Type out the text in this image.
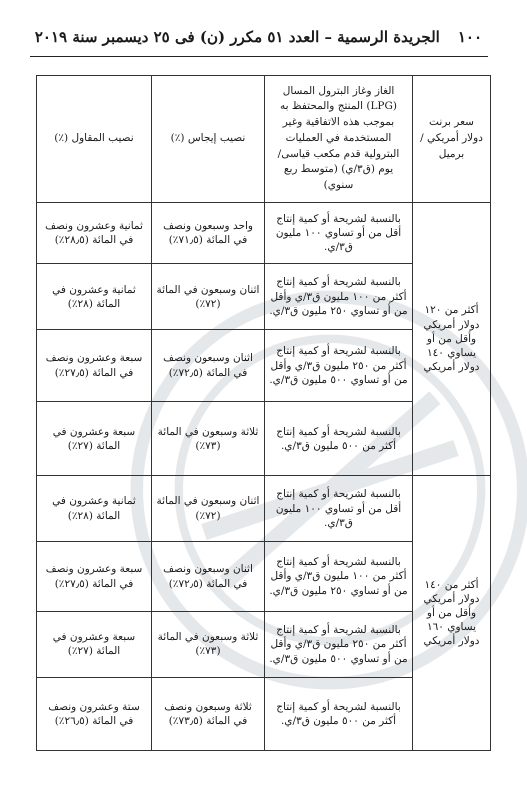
١٠٠
الجريدة الرسمية – العدد ٥١ مكرر (ن) فى ٢٥ ديسمبر سنة ٢٠١٩
سعر برنت دولار أمريكي / برميل	الغاز وغاز البترول المسال (LPG) المنتج والمحتفظ به بموجب هذه الاتفاقية وغير المستخدمة في العمليات البترولية قدم مكعب قياسى/ يوم (ق٣/ي) (متوسط ربع سنوي)	نصيب إيجاس (٪)	نصيب المقاول (٪)
أكثر من ١٢٠ دولار أمريكي وأقل من أو يساوي ١٤٠ دولار أمريكي	بالنسبة لشريحة أو كمية إنتاج أقل من أو تساوي ١٠٠ مليون ق٣/ي.	واحد وسبعون ونصف في المائة (٧١٫٥٪)	ثمانية وعشرون ونصف في المائة (٢٨٫٥٪)
	بالنسبة لشريحة أو كمية إنتاج أكثر من ١٠٠ مليون ق٣/ي وأقل من أو تساوي ٢٥٠ مليون ق٣/ي.	اثنان وسبعون في المائة (٧٢٪)	ثمانية وعشرون في المائة (٢٨٪)
	بالنسبة لشريحة أو كمية إنتاج أكثر من ٢٥٠ مليون ق٣/ي وأقل من أو تساوي ٥٠٠ مليون ق٣/ي.	اثنان وسبعون ونصف في المائة (٧٢٫٥٪)	سبعة وعشرون ونصف في المائة (٢٧٫٥٪)
	بالنسبة لشريحة أو كمية إنتاج أكثر من ٥٠٠ مليون ق٣/ي.	ثلاثة وسبعون في المائة (٧٣٪)	سبعة وعشرون في المائة (٢٧٪)
أكثر من ١٤٠ دولار أمريكي وأقل من أو يساوي ١٦٠ دولار أمريكي	بالنسبة لشريحة أو كمية إنتاج أقل من أو تساوي ١٠٠ مليون ق٣/ي.	اثنان وسبعون في المائة (٧٢٪)	ثمانية وعشرون في المائة (٢٨٪)
	بالنسبة لشريحة أو كمية إنتاج أكثر من ١٠٠ مليون ق٣/ي وأقل من أو تساوي ٢٥٠ مليون ق٣/ي.	اثنان وسبعون ونصف في المائة (٧٢٫٥٪)	سبعة وعشرون ونصف في المائة (٢٧٫٥٪)
	بالنسبة لشريحة أو كمية إنتاج أكثر من ٢٥٠ مليون ق٣/ي وأقل من أو تساوي ٥٠٠ مليون ق٣/ي.	ثلاثة وسبعون في المائة (٧٣٪)	سبعة وعشرون في المائة (٢٧٪)
	بالنسبة لشريحة أو كمية إنتاج أكثر من ٥٠٠ مليون ق٣/ي.	ثلاثة وسبعون ونصف في المائة (٧٣٫٥٪)	ستة وعشرون ونصف في المائة (٢٦٫٥٪)
